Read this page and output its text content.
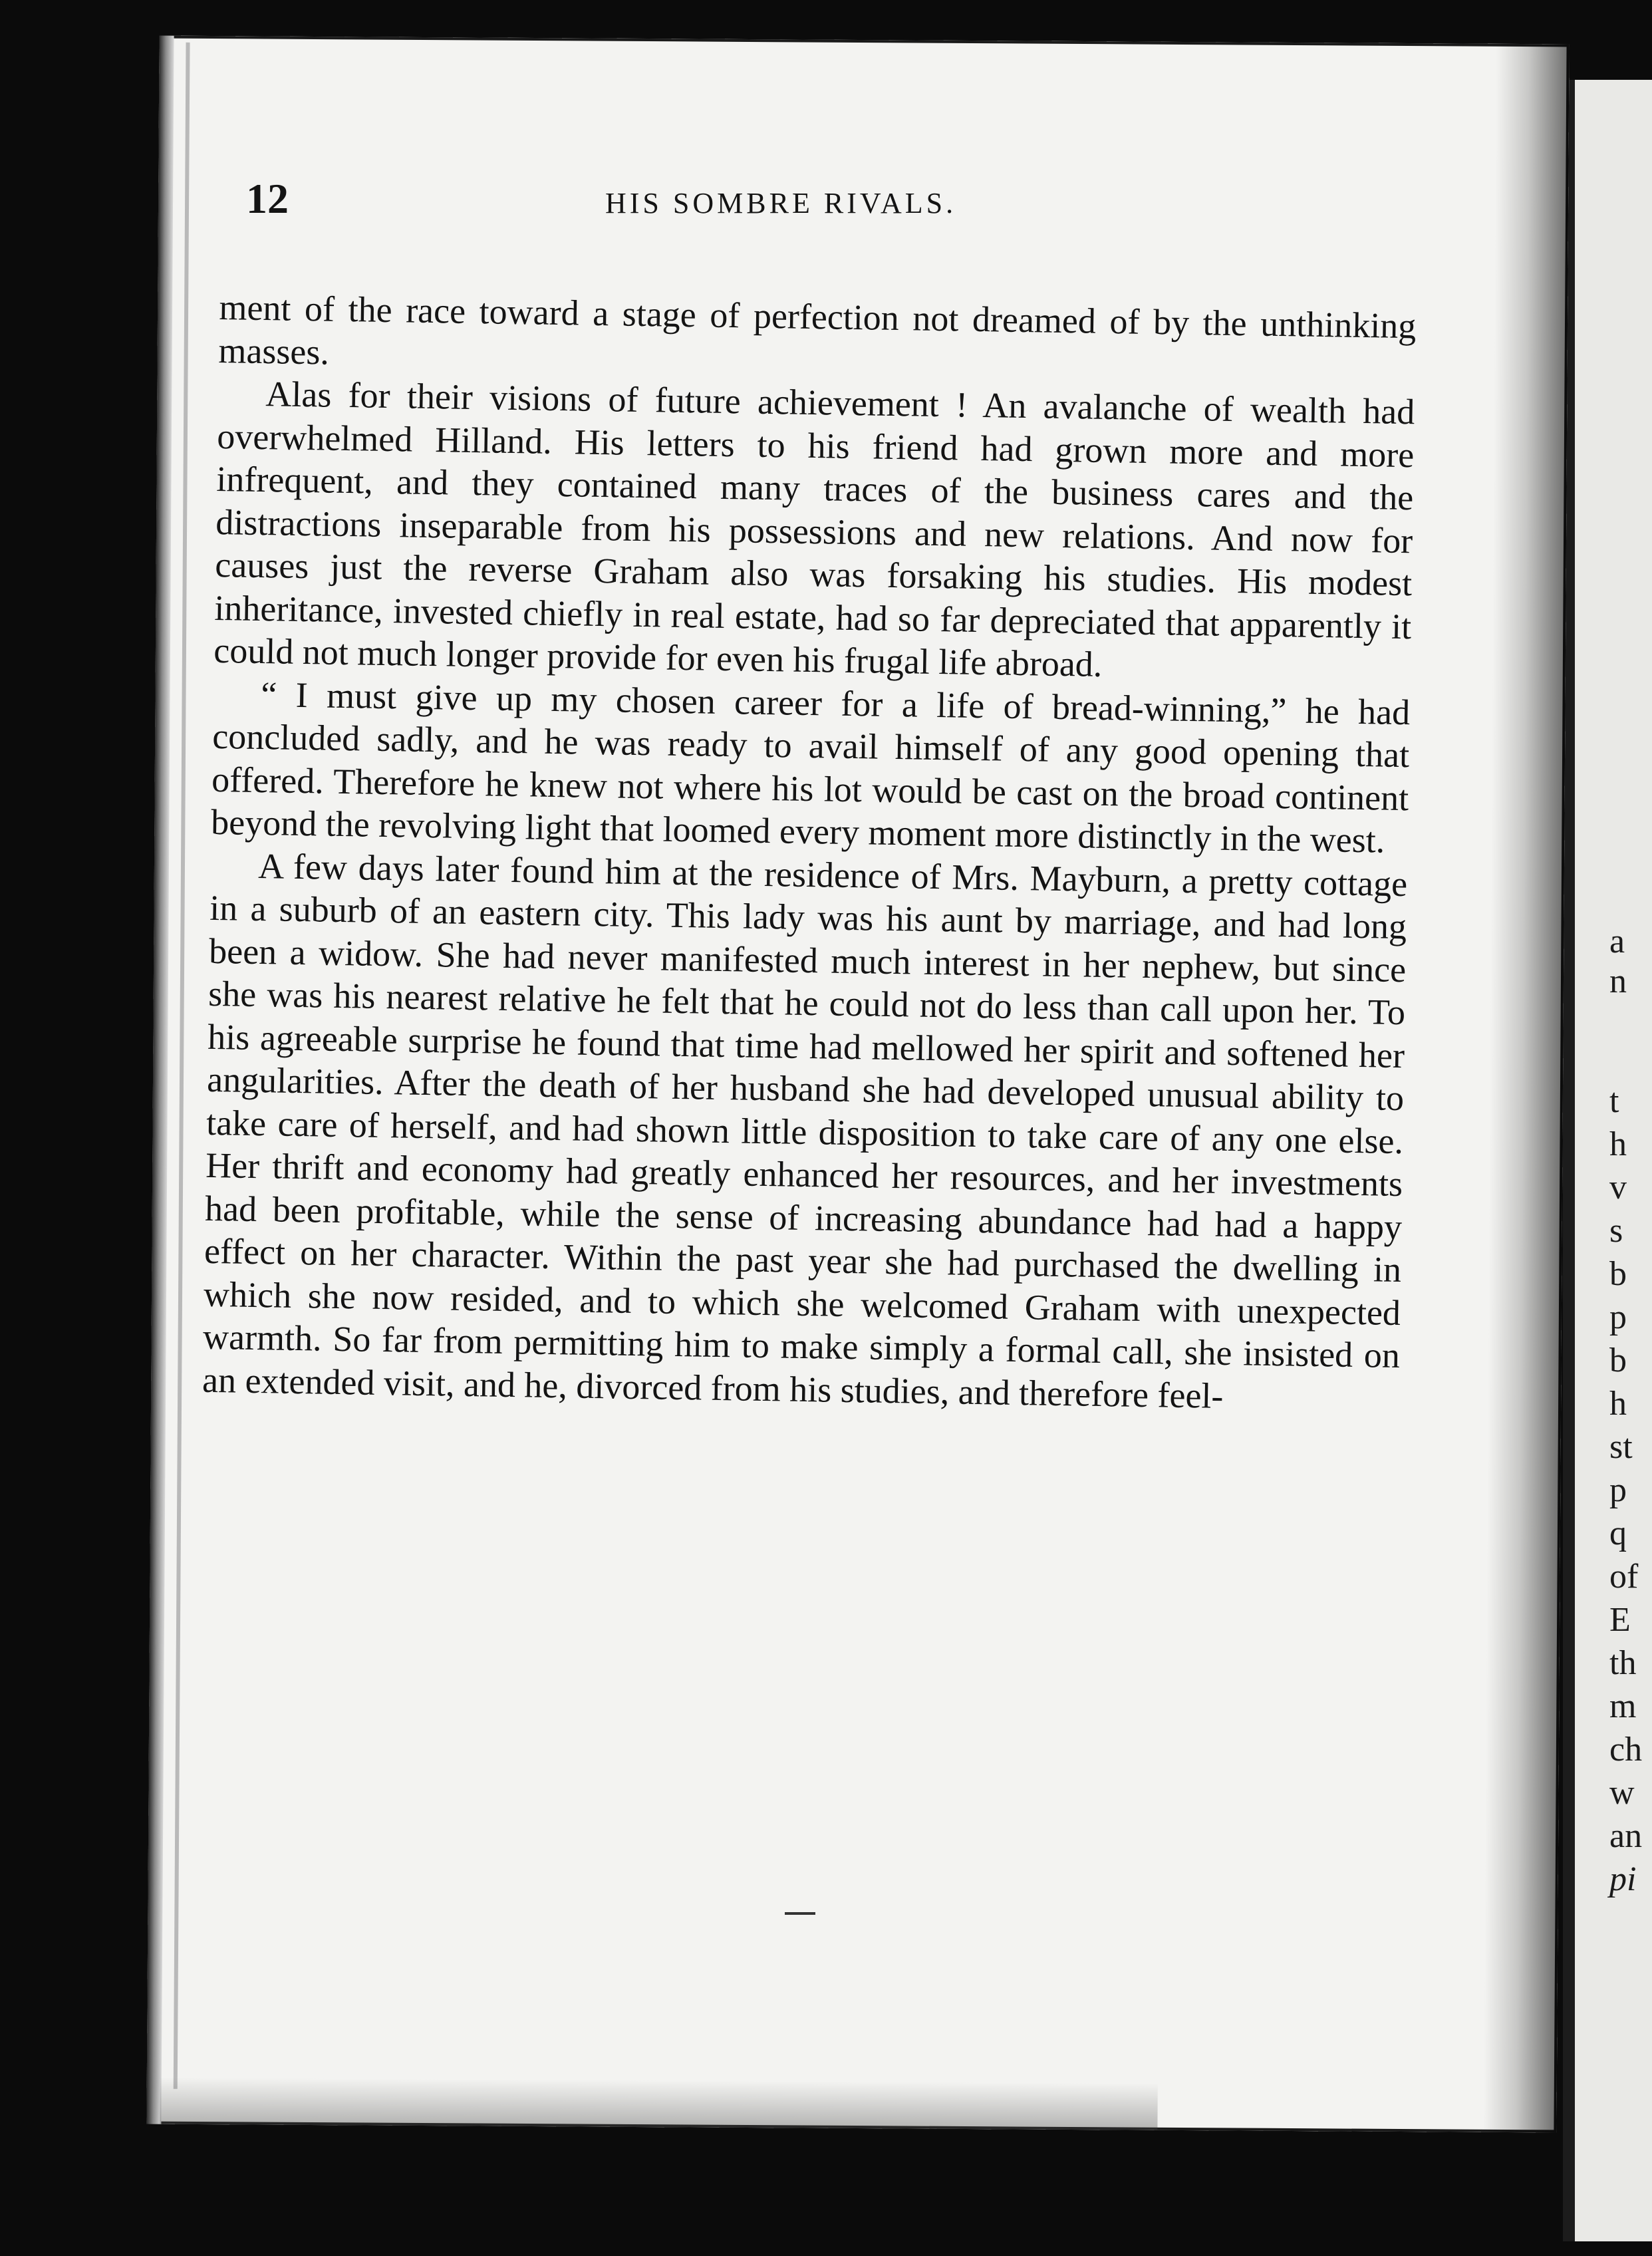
a
n
t
h
v
s
b
p
b
h
st
p
q
of
E
th
m
ch
w
an
pi
12	HIS SOMBRE RIVALS.

ment of the race toward a stage of perfection not dreamed of by the unthinking masses.

Alas for their visions of future achievement ! An avalanche of wealth had overwhelmed Hilland. His letters to his friend had grown more and more infrequent, and they contained many traces of the business cares and the distractions inseparable from his possessions and new relations. And now for causes just the reverse Graham also was forsaking his studies. His modest inheritance, invested chiefly in real estate, had so far depreciated that apparently it could not much longer provide for even his frugal life abroad.

“ I must give up my chosen career for a life of bread-winning,” he had concluded sadly, and he was ready to avail himself of any good opening that offered. Therefore he knew not where his lot would be cast on the broad continent beyond the revolving light that loomed every moment more distinctly in the west.

A few days later found him at the residence of Mrs. Mayburn, a pretty cottage in a suburb of an eastern city. This lady was his aunt by marriage, and had long been a widow. She had never manifested much interest in her nephew, but since she was his nearest relative he felt that he could not do less than call upon her. To his agreeable surprise he found that time had mellowed her spirit and softened her angularities. After the death of her husband she had developed unusual ability to take care of herself, and had shown little disposition to take care of any one else. Her thrift and economy had greatly enhanced her resources, and her investments had been profitable, while the sense of increasing abundance had had a happy effect on her character. Within the past year she had purchased the dwelling in which she now resided, and to which she welcomed Graham with unexpected warmth. So far from permitting him to make simply a formal call, she insisted on an extended visit, and he, divorced from his studies, and therefore feel-
